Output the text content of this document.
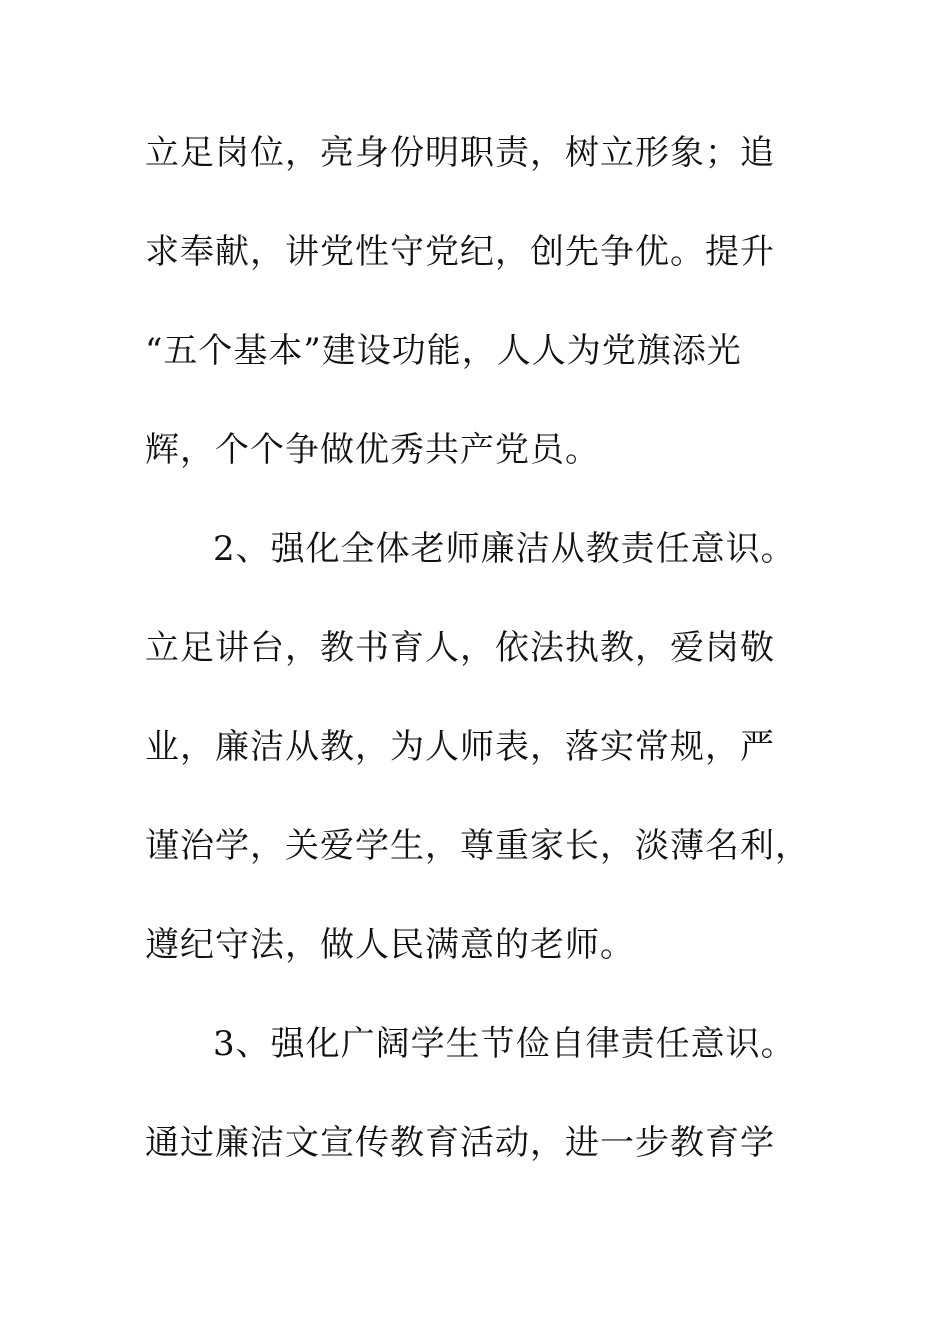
立足岗位，亮身份明职责，树立形象；追

求奉献，讲党性守党纪，创先争优。提升

“五个基本”建设功能，人人为党旗添光

辉，个个争做优秀共产党员。

2、强化全体老师廉洁从教责任意识。

立足讲台，教书育人，依法执教，爱岗敬

业，廉洁从教，为人师表，落实常规，严

谨治学，关爱学生，尊重家长，淡薄名利，

遵纪守法，做人民满意的老师。

3、强化广阔学生节俭自律责任意识。

通过廉洁文宣传教育活动，进一步教育学
